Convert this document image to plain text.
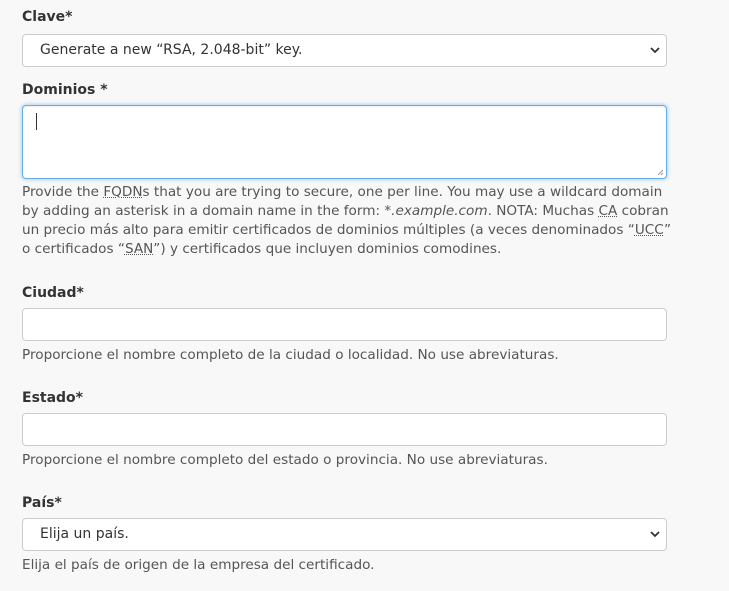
Clave*
Generate a new “RSA, 2.048-bit” key.
Dominios *
Provide the FQDNs that you are trying to secure, one per line. You may use a wildcard domain by adding an asterisk in a domain name in the form: *.example.com. NOTA: Muchas CA cobran un precio más alto para emitir certificados de dominios múltiples (a veces denominados “UCC” o certificados “SAN”) y certificados que incluyen dominios comodines.
Ciudad*
Proporcione el nombre completo de la ciudad o localidad. No use abreviaturas.
Estado*
Proporcione el nombre completo del estado o provincia. No use abreviaturas.
País*
Elija un país.
Elija el país de origen de la empresa del certificado.
